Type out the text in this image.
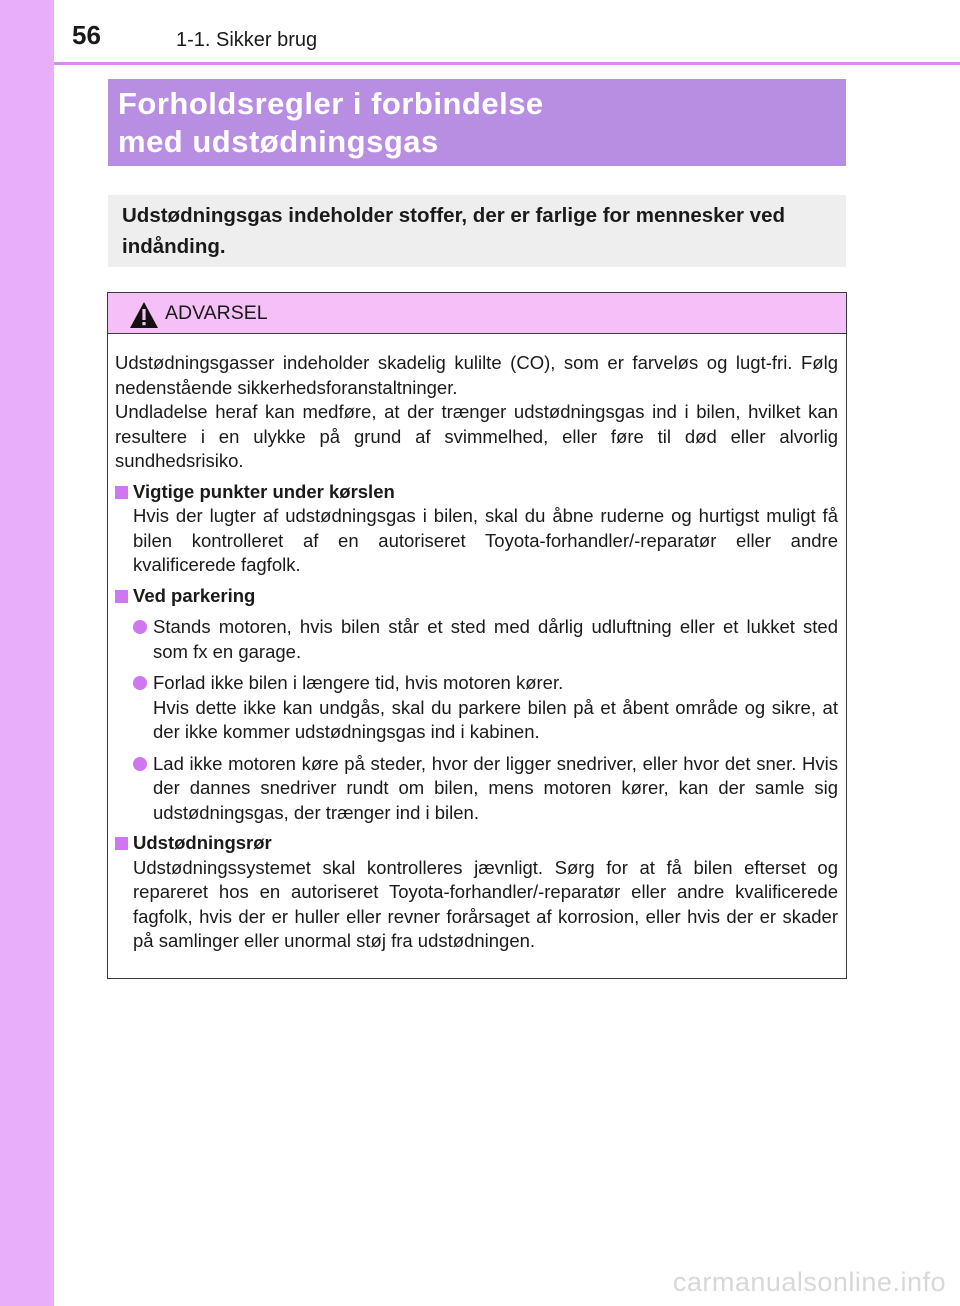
56	1-1. Sikker brug
Forholdsregler i forbindelse
med udstødningsgas
Udstødningsgas indeholder stoffer, der er farlige for mennesker ved indånding.
ADVARSEL

Udstødningsgasser indeholder skadelig kulilte (CO), som er farveløs og lugt-fri. Følg nedenstående sikkerhedsforanstaltninger.

Undladelse heraf kan medføre, at der trænger udstødningsgas ind i bilen, hvilket kan resultere i en ulykke på grund af svimmelhed, eller føre til død eller alvorlig sundhedsrisiko.

Vigtige punkter under kørslen
Hvis der lugter af udstødningsgas i bilen, skal du åbne ruderne og hurtigst muligt få bilen kontrolleret af en autoriseret Toyota-forhandler/-reparatør eller andre kvalificerede fagfolk.
Ved parkering
Stands motoren, hvis bilen står et sted med dårlig udluftning eller et lukket sted som fx en garage.
Forlad ikke bilen i længere tid, hvis motoren kører.
Hvis dette ikke kan undgås, skal du parkere bilen på et åbent område og sikre, at der ikke kommer udstødningsgas ind i kabinen.
Lad ikke motoren køre på steder, hvor der ligger snedriver, eller hvor det sner. Hvis der dannes snedriver rundt om bilen, mens motoren kører, kan der samle sig udstødningsgas, der trænger ind i bilen.
Udstødningsrør
Udstødningssystemet skal kontrolleres jævnligt. Sørg for at få bilen efterset og repareret hos en autoriseret Toyota-forhandler/-reparatør eller andre kvalificerede fagfolk, hvis der er huller eller revner forårsaget af korrosion, eller hvis der er skader på samlinger eller unormal støj fra udstødningen.
carmanualsonline.info
